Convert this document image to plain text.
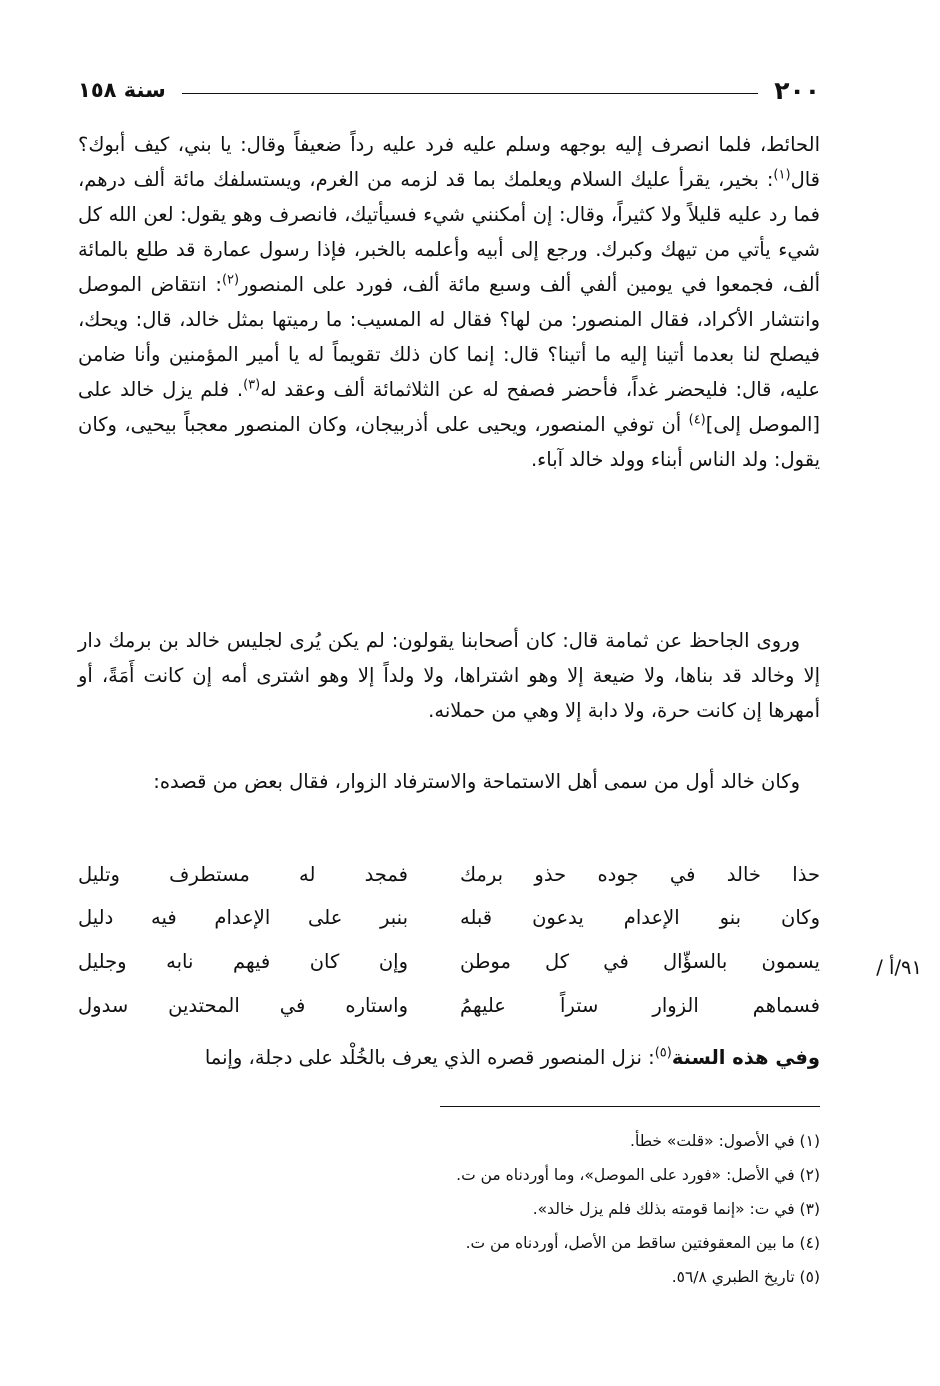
٢٠٠
سنة ١٥٨
الحائط، فلما انصرف إليه بوجهه وسلم عليه فرد عليه رداً ضعيفاً وقال: يا بني، كيف أبوك؟ قال$^{(١)}$: بخير، يقرأ عليك السلام ويعلمك بما قد لزمه من الغرم، ويستسلفك مائة ألف درهم، فما رد عليه قليلاً ولا كثيراً، وقال: إن أمكنني شيء فسيأتيك، فانصرف وهو يقول: لعن الله كل شيء يأتي من تيهك وكبرك. ورجع إلى أبيه وأعلمه بالخبر، فإذا رسول عمارة قد طلع بالمائة ألف، فجمعوا في يومين ألفي ألف وسبع مائة ألف، فورد على المنصور$^{(٢)}$: انتقاض الموصل وانتشار الأكراد، فقال المنصور: من لها؟ فقال له المسيب: ما رميتها بمثل خالد، قال: ويحك، فيصلح لنا بعدما أتينا إليه ما أتينا؟ قال: إنما كان ذلك تقويماً له يا أمير المؤمنين وأنا ضامن عليه، قال: فليحضر غداً، فأحضر فصفح له عن الثلاثمائة ألف وعقد له$^{(٣)}$. فلم يزل خالد على [الموصل إلى]$^{(٤)}$ أن توفي المنصور، ويحيى على أذربيجان، وكان المنصور معجباً بيحيى، وكان يقول: ولد الناس أبناء وولد خالد آباء.
وروى الجاحظ عن ثمامة قال: كان أصحابنا يقولون: لم يكن يُرى لجليس خالد بن برمك دار إلا وخالد قد بناها، ولا ضيعة إلا وهو اشتراها، ولا ولداً إلا وهو اشترى أمه إن كانت أَمَةً، أو أمهرها إن كانت حرة، ولا دابة إلا وهي من حملانه.
وكان خالد أول من سمى أهل الاستماحة والاسترفاد الزوار، فقال بعض من قصده:
حذا خالد في جوده حذو برمك
فمجد له مستطرف وتليل
وكان بنو الإعدام يدعون قبله
بنبر على الإعدام فيه دليل
يسمون بالسؤّال في كل موطن
وإن كان فيهم نابه وجليل
فسماهم الزوار ستراً عليهمُ
واستاره في المحتدين سدول
٩١/أ /
وفي هذه السنة$^{(٥)}$: نزل المنصور قصره الذي يعرف بالخُلْد على دجلة، وإنما
(١) في الأصول: «قلت» خطأ.
(٢) في الأصل: «فورد على الموصل»، وما أوردناه من ت.
(٣) في ت: «إنما قومته بذلك فلم يزل خالد».
(٤) ما بين المعقوفتين ساقط من الأصل، أوردناه من ت.
(٥) تاريخ الطبري ٥٦/٨.
